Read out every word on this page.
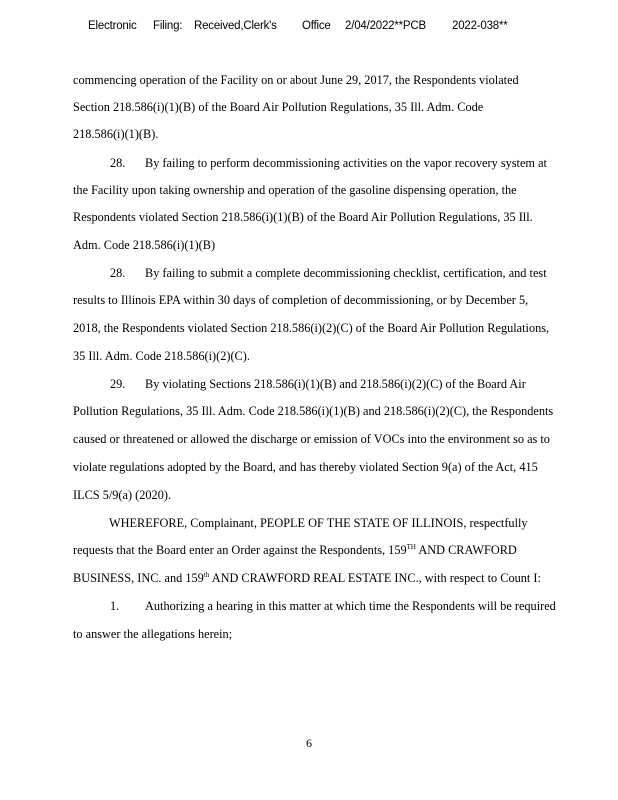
Electronic Filing: Received,Clerk's Office 2/04/2022**PCB 2022-038**
commencing operation of the Facility on or about June 29, 2017, the Respondents violated
Section 218.586(i)(1)(B) of the Board Air Pollution Regulations, 35 Ill. Adm. Code
218.586(i)(1)(B).
28. By failing to perform decommissioning activities on the vapor recovery system at
the Facility upon taking ownership and operation of the gasoline dispensing operation, the
Respondents violated Section 218.586(i)(1)(B) of the Board Air Pollution Regulations, 35 Ill.
Adm. Code 218.586(i)(1)(B)
28. By failing to submit a complete decommissioning checklist, certification, and test
results to Illinois EPA within 30 days of completion of decommissioning, or by December 5,
2018, the Respondents violated Section 218.586(i)(2)(C) of the Board Air Pollution Regulations,
35 Ill. Adm. Code 218.586(i)(2)(C).
29. By violating Sections 218.586(i)(1)(B) and 218.586(i)(2)(C) of the Board Air
Pollution Regulations, 35 Ill. Adm. Code 218.586(i)(1)(B) and 218.586(i)(2)(C), the Respondents
caused or threatened or allowed the discharge or emission of VOCs into the environment so as to
violate regulations adopted by the Board, and has thereby violated Section 9(a) of the Act, 415
ILCS 5/9(a) (2020).
WHEREFORE, Complainant, PEOPLE OF THE STATE OF ILLINOIS, respectfully
requests that the Board enter an Order against the Respondents, 159TH AND CRAWFORD
BUSINESS, INC. and 159th AND CRAWFORD REAL ESTATE INC., with respect to Count I:
1. Authorizing a hearing in this matter at which time the Respondents will be required
to answer the allegations herein;
6
